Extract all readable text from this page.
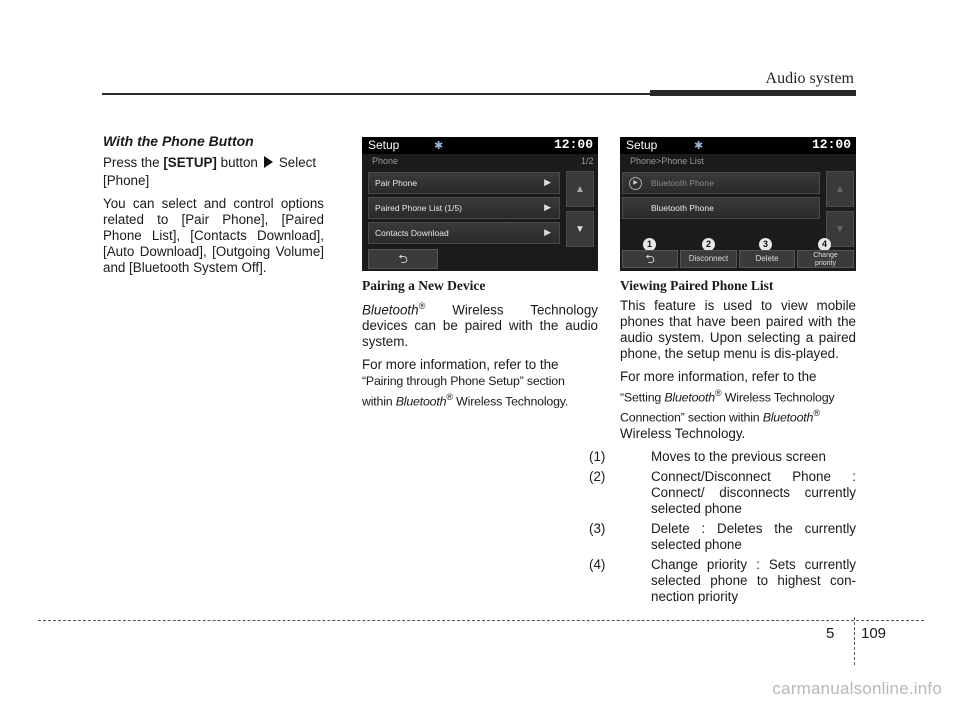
Audio system
With the Phone Button

Press the [SETUP] button Select

[Phone]

You can select and control options related to [Pair Phone], [Paired Phone List], [Contacts Download], [Auto Download], [Outgoing Volume] and [Bluetooth System Off].

Setup	✱	12:00
Phone	1/2
Pair Phone	▶
Paired Phone List (1/5)	▶
Contacts Download	▶
▲
▼
⮌
Setup	✱	12:00
Phone>Phone List
▶	Bluetooth Phone
Bluetooth Phone
▲
▼
1	2	3	4
⮌	Disconnect	Delete	Change
priority
Pairing a New Device

Bluetooth® Wireless Technology devices can be paired with the audio system.

For more information, refer to the
“Pairing through Phone Setup” section
within Bluetooth® Wireless Technology.

Viewing Paired Phone List

This feature is used to view mobile phones that have been paired with the audio system. Upon selecting a paired phone, the setup menu is dis-played.

For more information, refer to the
“Setting Bluetooth® Wireless Technology
Connection” section within Bluetooth®
Wireless Technology.

(1)	Moves to the previous screen
(2)	Connect/Disconnect Phone : Connect/ disconnects currently selected phone
(3)	Delete : Deletes the currently selected phone
(4)	Change priority : Sets currently selected phone to highest con-nection priority
5 109
carmanualsonline.info
